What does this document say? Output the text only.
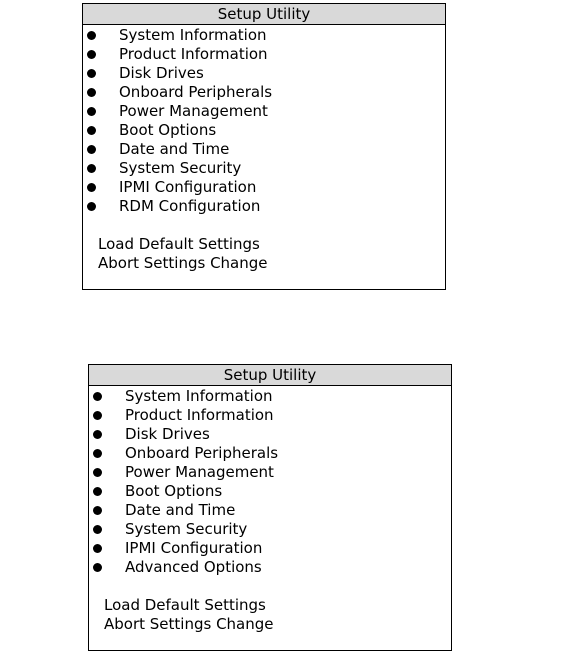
Setup Utility
System Information
Product Information
Disk Drives
Onboard Peripherals
Power Management
Boot Options
Date and Time
System Security
IPMI Configuration
RDM Configuration
Load Default Settings
Abort Settings Change
Setup Utility
System Information
Product Information
Disk Drives
Onboard Peripherals
Power Management
Boot Options
Date and Time
System Security
IPMI Configuration
Advanced Options
Load Default Settings
Abort Settings Change
